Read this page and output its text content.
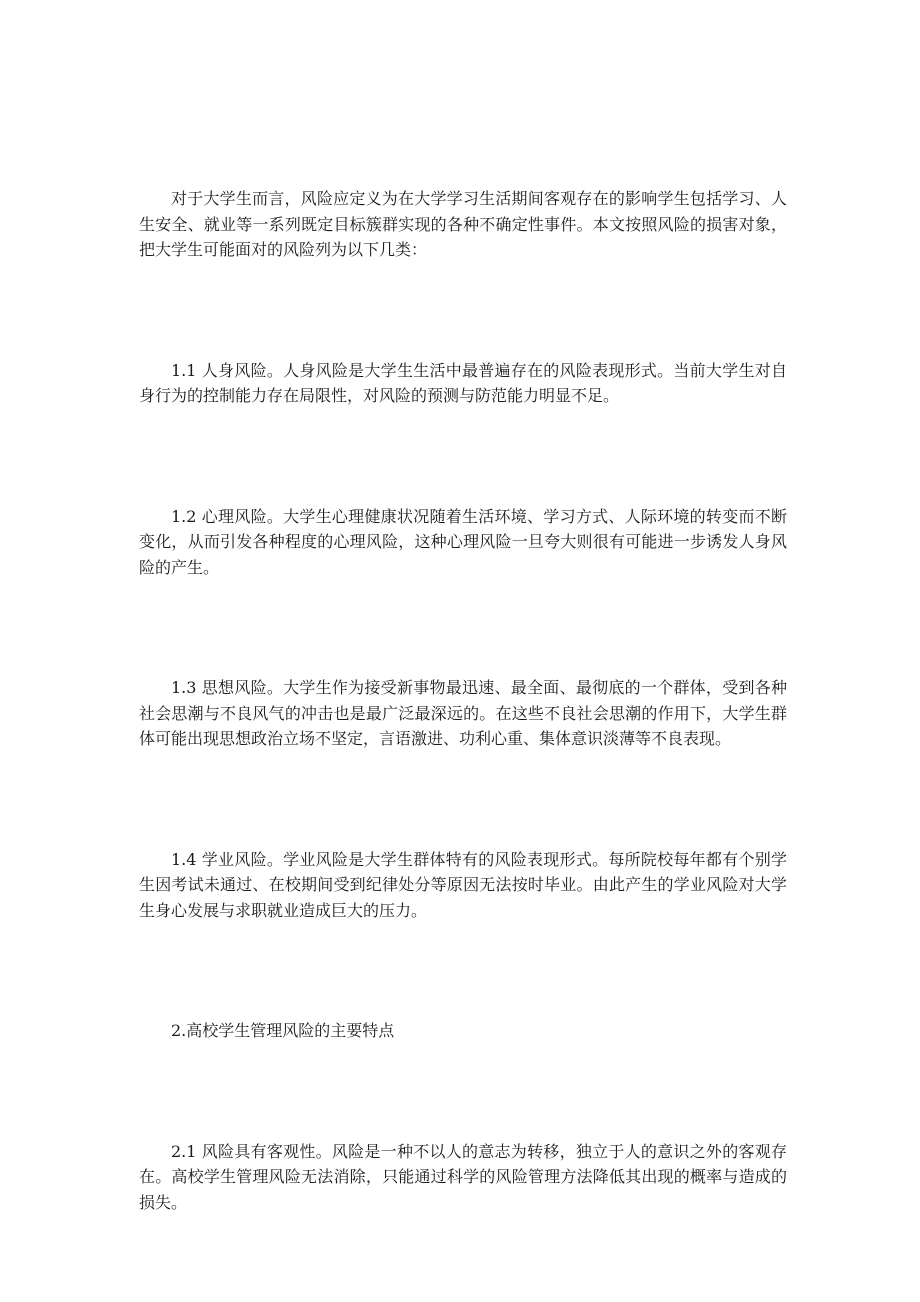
对于大学生而言，风险应定义为在大学学习生活期间客观存在的影响学生包括学习、人生安全、就业等一系列既定目标簇群实现的各种不确定性事件。本文按照风险的损害对象，把大学生可能面对的风险列为以下几类：

1.1 人身风险。人身风险是大学生生活中最普遍存在的风险表现形式。当前大学生对自身行为的控制能力存在局限性，对风险的预测与防范能力明显不足。

1.2 心理风险。大学生心理健康状况随着生活环境、学习方式、人际环境的转变而不断变化，从而引发各种程度的心理风险，这种心理风险一旦夸大则很有可能进一步诱发人身风险的产生。

1.3 思想风险。大学生作为接受新事物最迅速、最全面、最彻底的一个群体，受到各种社会思潮与不良风气的冲击也是最广泛最深远的。在这些不良社会思潮的作用下，大学生群体可能出现思想政治立场不坚定，言语激进、功利心重、集体意识淡薄等不良表现。

1.4 学业风险。学业风险是大学生群体特有的风险表现形式。每所院校每年都有个别学生因考试未通过、在校期间受到纪律处分等原因无法按时毕业。由此产生的学业风险对大学生身心发展与求职就业造成巨大的压力。

2.高校学生管理风险的主要特点

2.1 风险具有客观性。风险是一种不以人的意志为转移，独立于人的意识之外的客观存在。高校学生管理风险无法消除，只能通过科学的风险管理方法降低其出现的概率与造成的损失。
